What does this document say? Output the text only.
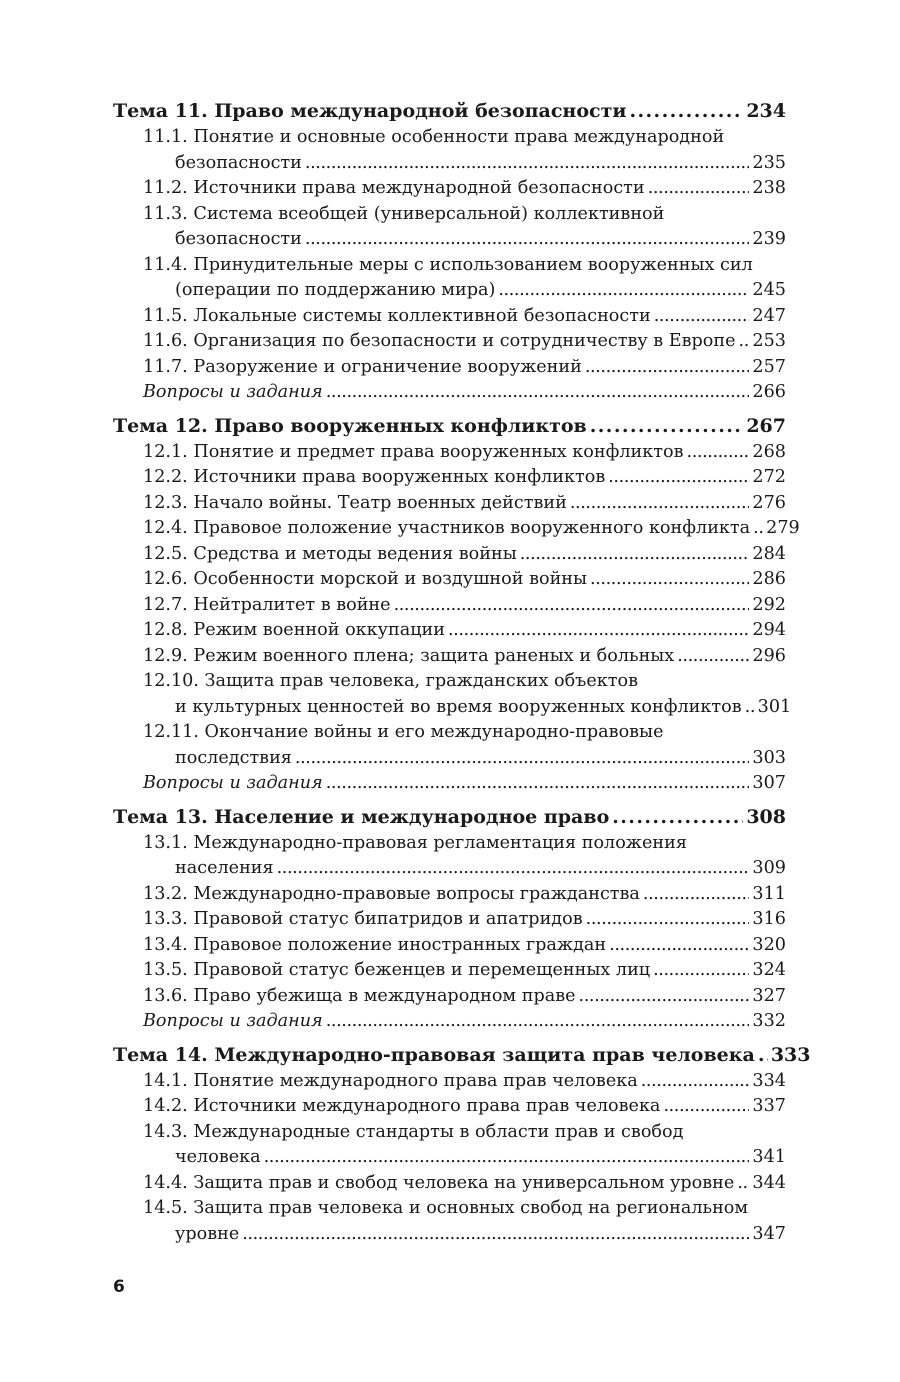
Тема 11. Право международной безопасности . . .	234
11.1. Понятие и основные особенности права международной
безопасности . . .	235
11.2. Источники права международной безопасности . . .	238
11.3. Система всеобщей (универсальной) коллективной
безопасности . . .	239
11.4. Принудительные меры с использованием вооруженных сил
(операции по поддержанию мира) . . .	245
11.5. Локальные системы коллективной безопасности . . .	247
11.6. Организация по безопасности и сотрудничеству в Европе . . . 253
11.7. Разоружение и ограничение вооружений . . .	257
Вопросы и задания . . .	266
Тема 12. Право вооруженных конфликтов . . .	267
12.1. Понятие и предмет права вооруженных конфликтов . . .	268
12.2. Источники права вооруженных конфликтов . . .	272
12.3. Начало войны. Театр военных действий . . .	276
12.4. Правовое положение участников вооруженного конфликта . . . 279
12.5. Средства и методы ведения войны . . .	284
12.6. Особенности морской и воздушной войны . . .	286
12.7. Нейтралитет в войне . . .	292
12.8. Режим военной оккупации . . .	294
12.9. Режим военного плена; защита раненых и больных . . .	296
12.10. Защита прав человека, гражданских объектов
и культурных ценностей во время вооруженных конфликтов . . . 301
12.11. Окончание войны и его международно-правовые
последствия . . .	303
Вопросы и задания . . .	307
Тема 13. Население и международное право . . .	308
13.1. Международно-правовая регламентация положения
населения . . .	309
13.2. Международно-правовые вопросы гражданства . . .	311
13.3. Правовой статус бипатридов и апатридов . . .	316
13.4. Правовое положение иностранных граждан . . .	320
13.5. Правовой статус беженцев и перемещенных лиц . . .	324
13.6. Право убежища в международном праве . . .	327
Вопросы и задания . . .	332
Тема 14. Международно-правовая защита прав человека . . . 333
14.1. Понятие международного права прав человека . . .	334
14.2. Источники международного права прав человека . . .	337
14.3. Международные стандарты в области прав и свобод
человека . . .	341
14.4. Защита прав и свобод человека на универсальном уровне . . . 344
14.5. Защита прав человека и основных свобод на региональном
уровне . . .	347
6
